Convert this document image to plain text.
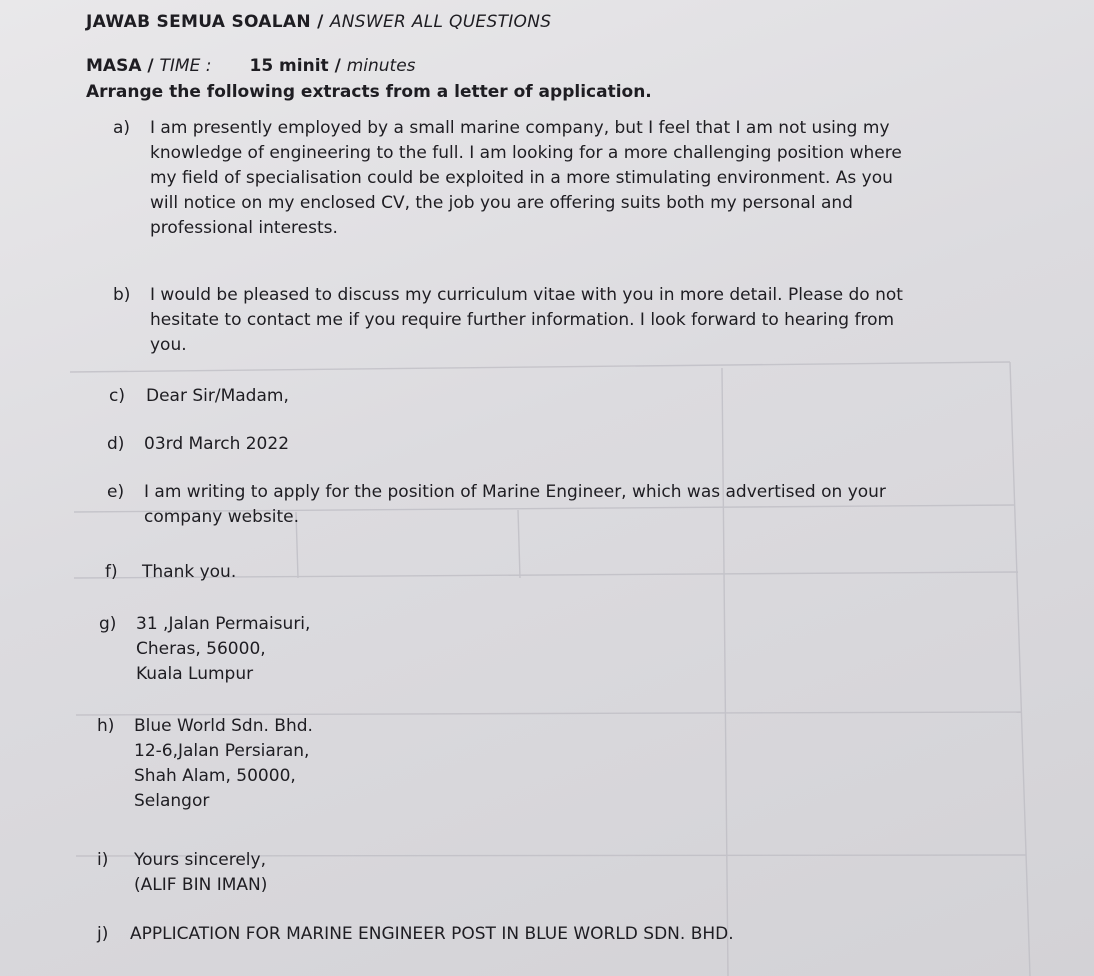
JAWAB SEMUA SOALAN / ANSWER ALL QUESTIONS
MASA / TIME : 15 minit / minutes
Arrange the following extracts from a letter of application.
a) I am presently employed by a small marine company, but I feel that I am not using my
knowledge of engineering to the full. I am looking for a more challenging position where
my field of specialisation could be exploited in a more stimulating environment. As you
will notice on my enclosed CV, the job you are offering suits both my personal and
professional interests.
b) I would be pleased to discuss my curriculum vitae with you in more detail. Please do not
hesitate to contact me if you require further information. I look forward to hearing from
you.
c) Dear Sir/Madam,
d) 03rd March 2022
e) I am writing to apply for the position of Marine Engineer, which was advertised on your
company website.
f) Thank you.
g) 31 ,Jalan Permaisuri,
Cheras, 56000,
Kuala Lumpur
h) Blue World Sdn. Bhd.
12-6,Jalan Persiaran,
Shah Alam, 50000,
Selangor
i) Yours sincerely,
(ALIF BIN IMAN)
j) APPLICATION FOR MARINE ENGINEER POST IN BLUE WORLD SDN. BHD.
